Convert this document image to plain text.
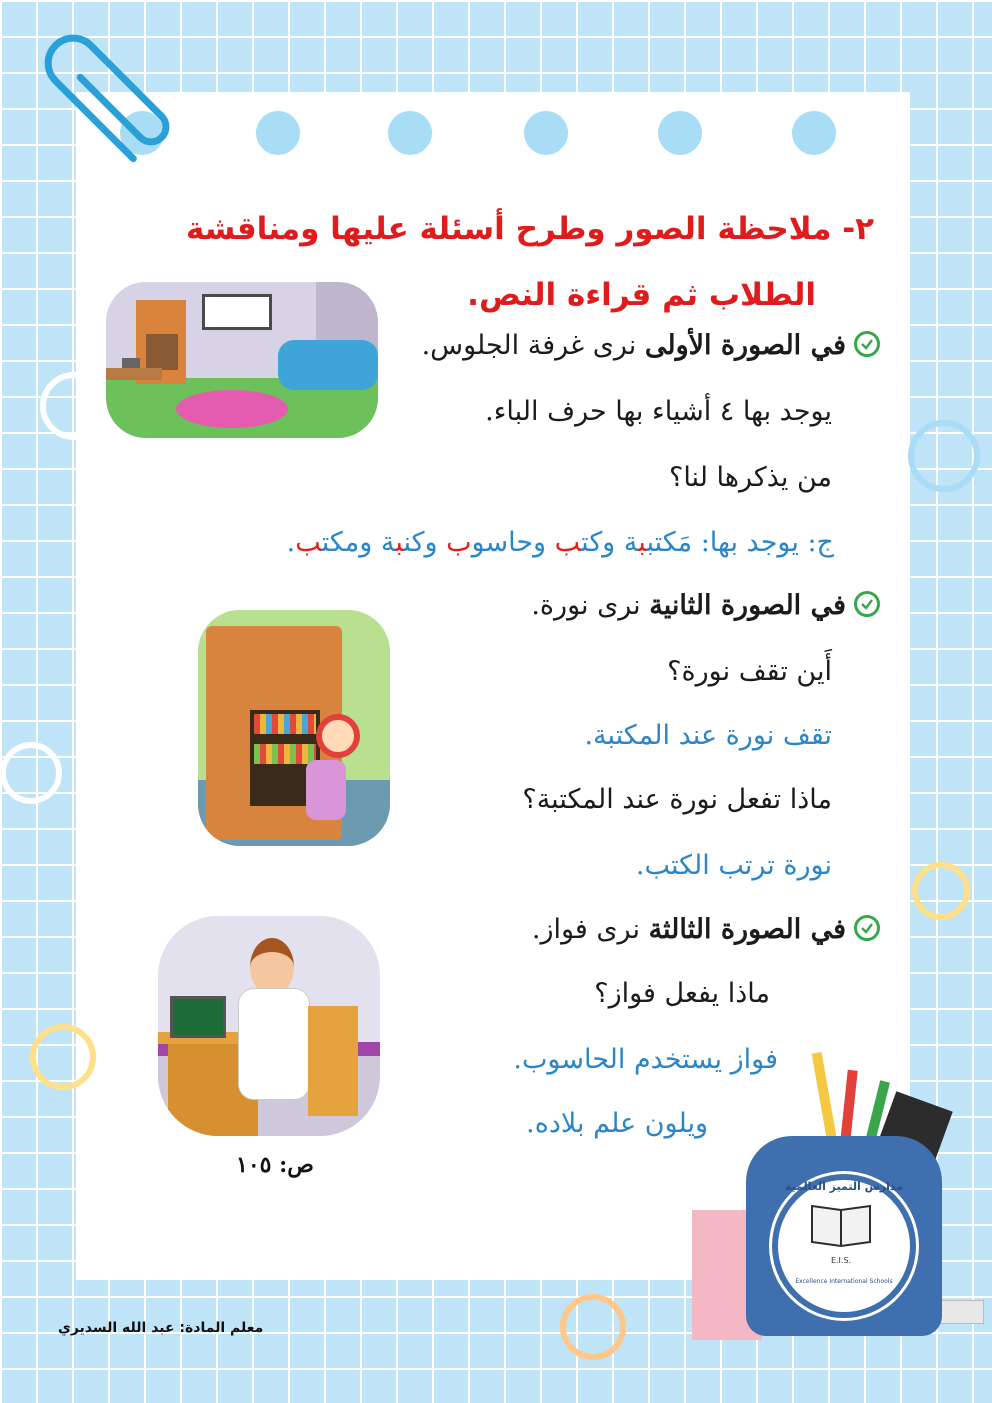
٢- ملاحظة الصور وطرح أسئلة عليها ومناقشة
الطلاب ثم قراءة النص.
في الصورة الأولى نرى غرفة الجلوس.
يوجد بها ٤ أشياء بها حرف الباء.
من يذكرها لنا؟
ج: يوجد بها: مَكتببة وكتب وحاسوب وكنبة ومكتب.
في الصورة الثانية نرى نورة.
أَين تقف نورة؟
تقف نورة عند المكتبة.
ماذا تفعل نورة عند المكتبة؟
نورة ترتب الكتب.
في الصورة الثالثة نرى فواز.
ماذا يفعل فواز؟
فواز يستخدم الحاسوب.
ويلون علم بلاده.
ص: ١٠٥
E.I.S.
مدارس التميز العالمية
Excellence International Schools
معلم المادة: عبد الله السديري
